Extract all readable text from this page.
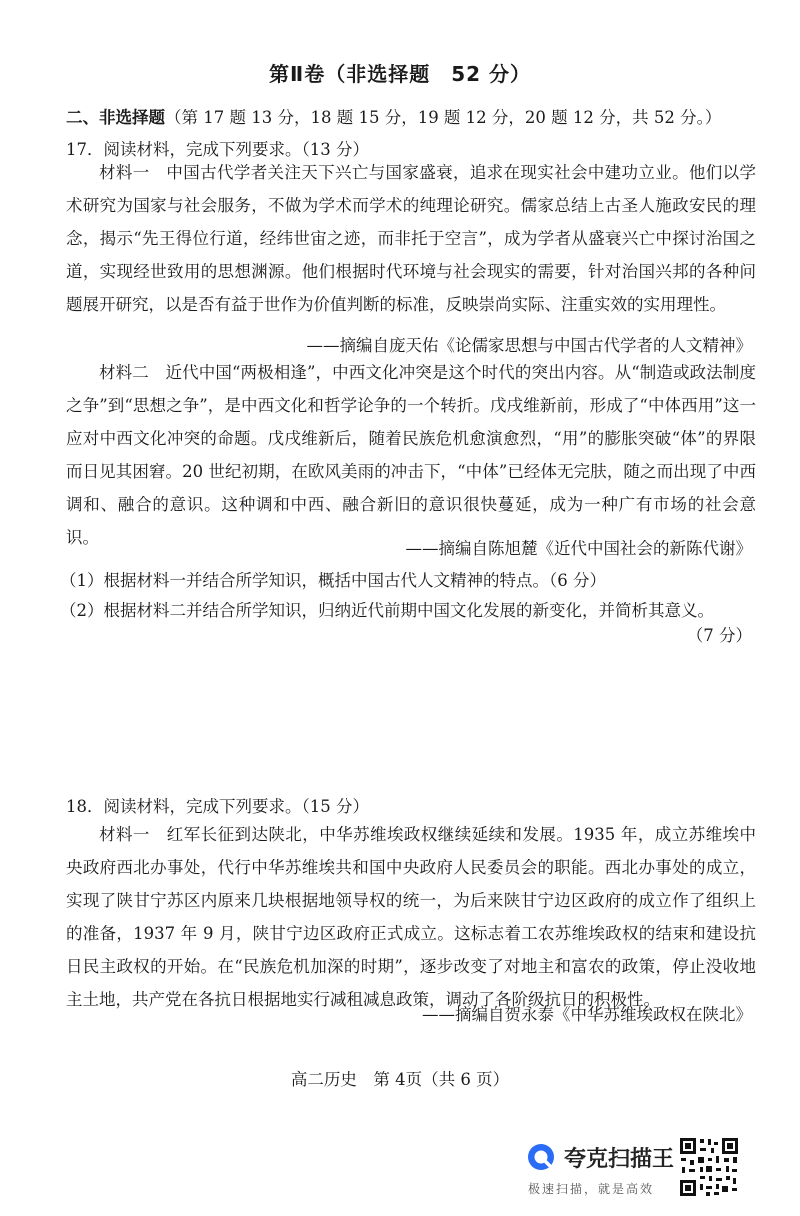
第Ⅱ卷（非选择题　52 分）
二、非选择题（第 17 题 13 分，18 题 15 分，19 题 12 分，20 题 12 分，共 52 分。）
17．阅读材料，完成下列要求。（13 分）

材料一　中国古代学者关注天下兴亡与国家盛衰，追求在现实社会中建功立业。他们以学术研究为国家与社会服务，不做为学术而学术的纯理论研究。儒家总结上古圣人施政安民的理念，揭示“先王得位行道，经纬世宙之迹，而非托于空言”，成为学者从盛衰兴亡中探讨治国之道，实现经世致用的思想渊源。他们根据时代环境与社会现实的需要，针对治国兴邦的各种问题展开研究，以是否有益于世作为价值判断的标准，反映崇尚实际、注重实效的实用理性。

——摘编自庞天佑《论儒家思想与中国古代学者的人文精神》

材料二　近代中国“两极相逢”，中西文化冲突是这个时代的突出内容。从“制造或政法制度之争”到“思想之争”，是中西文化和哲学论争的一个转折。戊戌维新前，形成了“中体西用”这一应对中西文化冲突的命题。戊戌维新后，随着民族危机愈演愈烈，“用”的膨胀突破“体”的界限而日见其困窘。20 世纪初期，在欧风美雨的冲击下，“中体”已经体无完肤，随之而出现了中西调和、融合的意识。这种调和中西、融合新旧的意识很快蔓延，成为一种广有市场的社会意识。

——摘编自陈旭麓《近代中国社会的新陈代谢》
（1）根据材料一并结合所学知识，概括中国古代人文精神的特点。（6 分）
（2）根据材料二并结合所学知识，归纳近代前期中国文化发展的新变化，并简析其意义。
（7 分）
18．阅读材料，完成下列要求。（15 分）

材料一　红军长征到达陕北，中华苏维埃政权继续延续和发展。1935 年，成立苏维埃中央政府西北办事处，代行中华苏维埃共和国中央政府人民委员会的职能。西北办事处的成立，实现了陕甘宁苏区内原来几块根据地领导权的统一，为后来陕甘宁边区政府的成立作了组织上的准备，1937 年 9 月，陕甘宁边区政府正式成立。这标志着工农苏维埃政权的结束和建设抗日民主政权的开始。在“民族危机加深的时期”，逐步改变了对地主和富农的政策，停止没收地主土地，共产党在各抗日根据地实行减租减息政策，调动了各阶级抗日的积极性。

——摘编自贺永泰《中华苏维埃政权在陕北》
高二历史　第 4页（共 6 页）
夸克扫描王
极速扫描，就是高效
